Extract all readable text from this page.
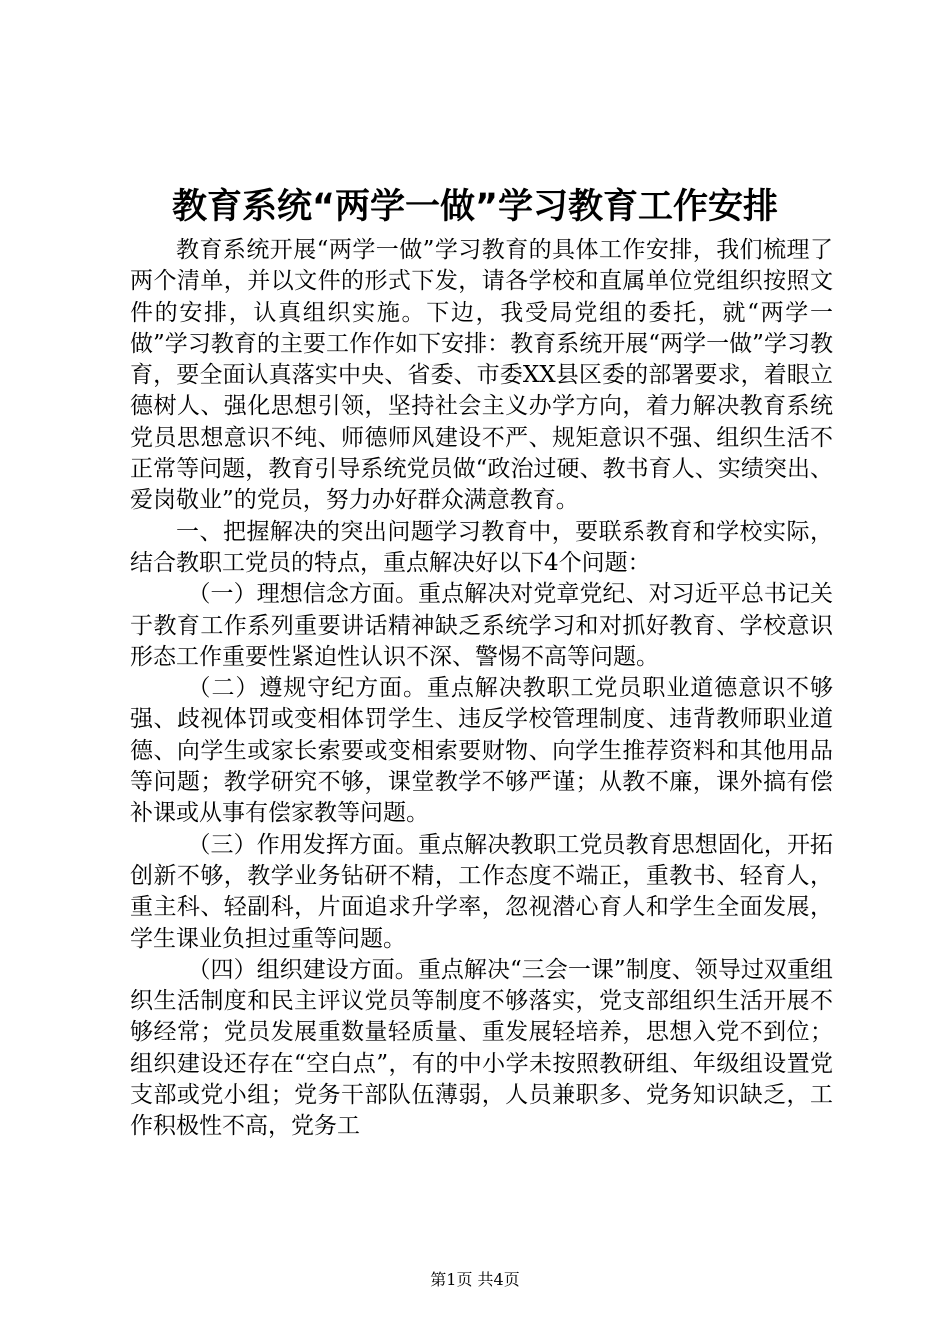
教育系统“两学一做”学习教育工作安排

教育系统开展“两学一做”学习教育的具体工作安排，我们梳理了两个清单，并以文件的形式下发，请各学校和直属单位党组织按照文件的安排，认真组织实施。下边，我受局党组的委托，就“两学一做”学习教育的主要工作作如下安排：教育系统开展“两学一做”学习教育，要全面认真落实中央、省委、市委XX县区委的部署要求，着眼立德树人、强化思想引领，坚持社会主义办学方向，着力解决教育系统党员思想意识不纯、师德师风建设不严、规矩意识不强、组织生活不正常等问题，教育引导系统党员做“政治过硬、教书育人、实绩突出、爱岗敬业”的党员，努力办好群众满意教育。

一、把握解决的突出问题学习教育中，要联系教育和学校实际，结合教职工党员的特点，重点解决好以下4个问题：

（一）理想信念方面。重点解决对党章党纪、对习近平总书记关于教育工作系列重要讲话精神缺乏系统学习和对抓好教育、学校意识形态工作重要性紧迫性认识不深、警惕不高等问题。

（二）遵规守纪方面。重点解决教职工党员职业道德意识不够强、歧视体罚或变相体罚学生、违反学校管理制度、违背教师职业道德、向学生或家长索要或变相索要财物、向学生推荐资料和其他用品等问题；教学研究不够，课堂教学不够严谨；从教不廉，课外搞有偿补课或从事有偿家教等问题。

（三）作用发挥方面。重点解决教职工党员教育思想固化，开拓创新不够，教学业务钻研不精，工作态度不端正，重教书、轻育人，重主科、轻副科，片面追求升学率，忽视潜心育人和学生全面发展，学生课业负担过重等问题。

（四）组织建设方面。重点解决“三会一课”制度、领导过双重组织生活制度和民主评议党员等制度不够落实，党支部组织生活开展不够经常；党员发展重数量轻质量、重发展轻培养，思想入党不到位；组织建设还存在“空白点”，有的中小学未按照教研组、年级组设置党支部或党小组；党务干部队伍薄弱，人员兼职多、党务知识缺乏，工作积极性不高，党务工

第1页 共4页
